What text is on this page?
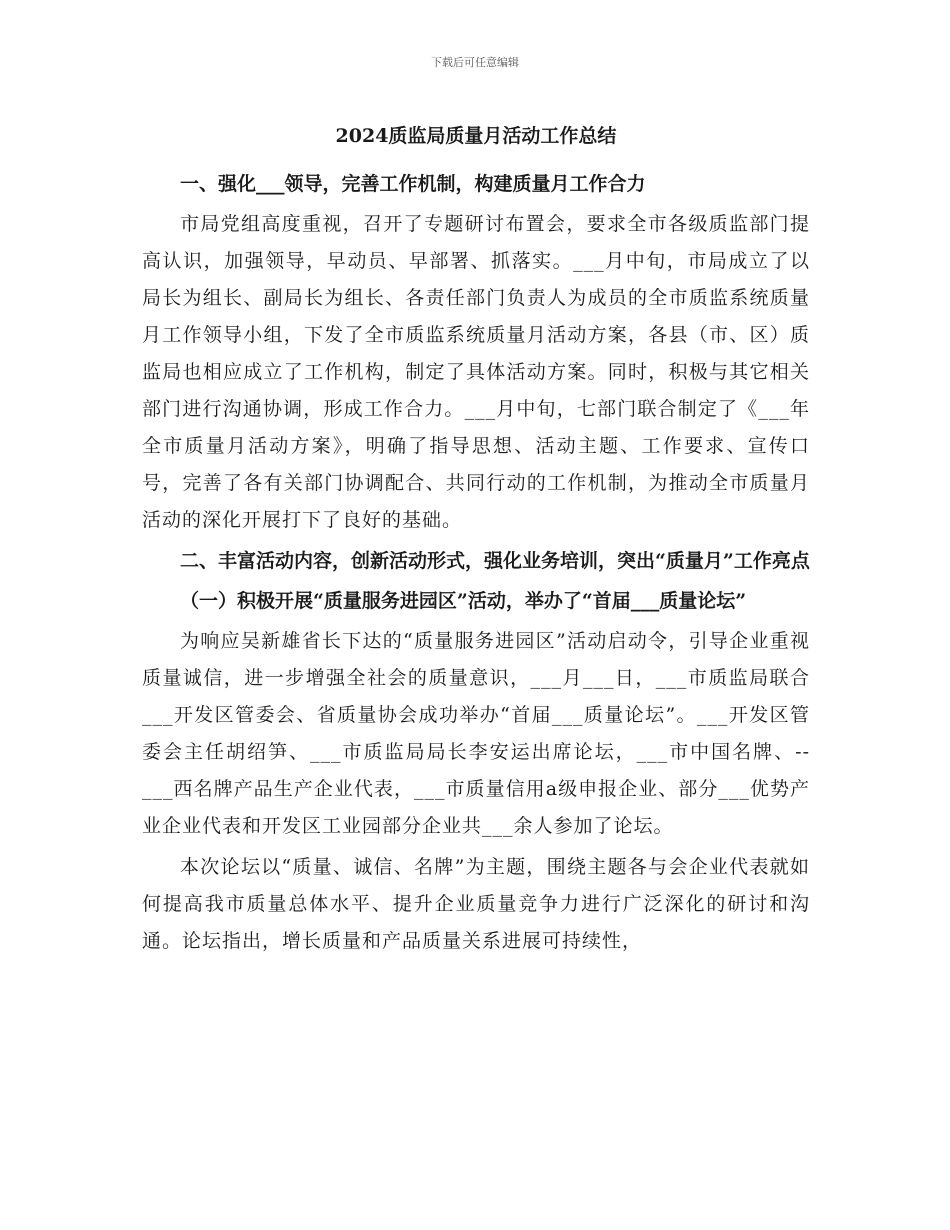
下载后可任意编辑
2024质监局质量月活动工作总结
一、强化___领导，完善工作机制，构建质量月工作合力
市局党组高度重视，召开了专题研讨布置会，要求全市各级质监部门提高认识，加强领导，早动员、早部署、抓落实。___月中旬，市局成立了以局长为组长、副局长为组长、各责任部门负责人为成员的全市质监系统质量月工作领导小组，下发了全市质监系统质量月活动方案，各县（市、区）质监局也相应成立了工作机构，制定了具体活动方案。同时，积极与其它相关部门进行沟通协调，形成工作合力。___月中旬，七部门联合制定了《___年全市质量月活动方案》，明确了指导思想、活动主题、工作要求、宣传口号，完善了各有关部门协调配合、共同行动的工作机制，为推动全市质量月活动的深化开展打下了良好的基础。
二、丰富活动内容，创新活动形式，强化业务培训，突出“质量月”工作亮点
（一）积极开展“质量服务进园区”活动，举办了“首届___质量论坛”
为响应吴新雄省长下达的“质量服务进园区”活动启动令，引导企业重视质量诚信，进一步增强全社会的质量意识，___月___日，___市质监局联合___开发区管委会、省质量协会成功举办“首届___质量论坛”。___开发区管委会主任胡绍笋、___市质监局局长李安运出席论坛，___市中国名牌、--___西名牌产品生产企业代表，___市质量信用a级申报企业、部分___优势产业企业代表和开发区工业园部分企业共___余人参加了论坛。
本次论坛以“质量、诚信、名牌”为主题，围绕主题各与会企业代表就如何提高我市质量总体水平、提升企业质量竞争力进行广泛深化的研讨和沟通。论坛指出，增长质量和产品质量关系进展可持续性，
